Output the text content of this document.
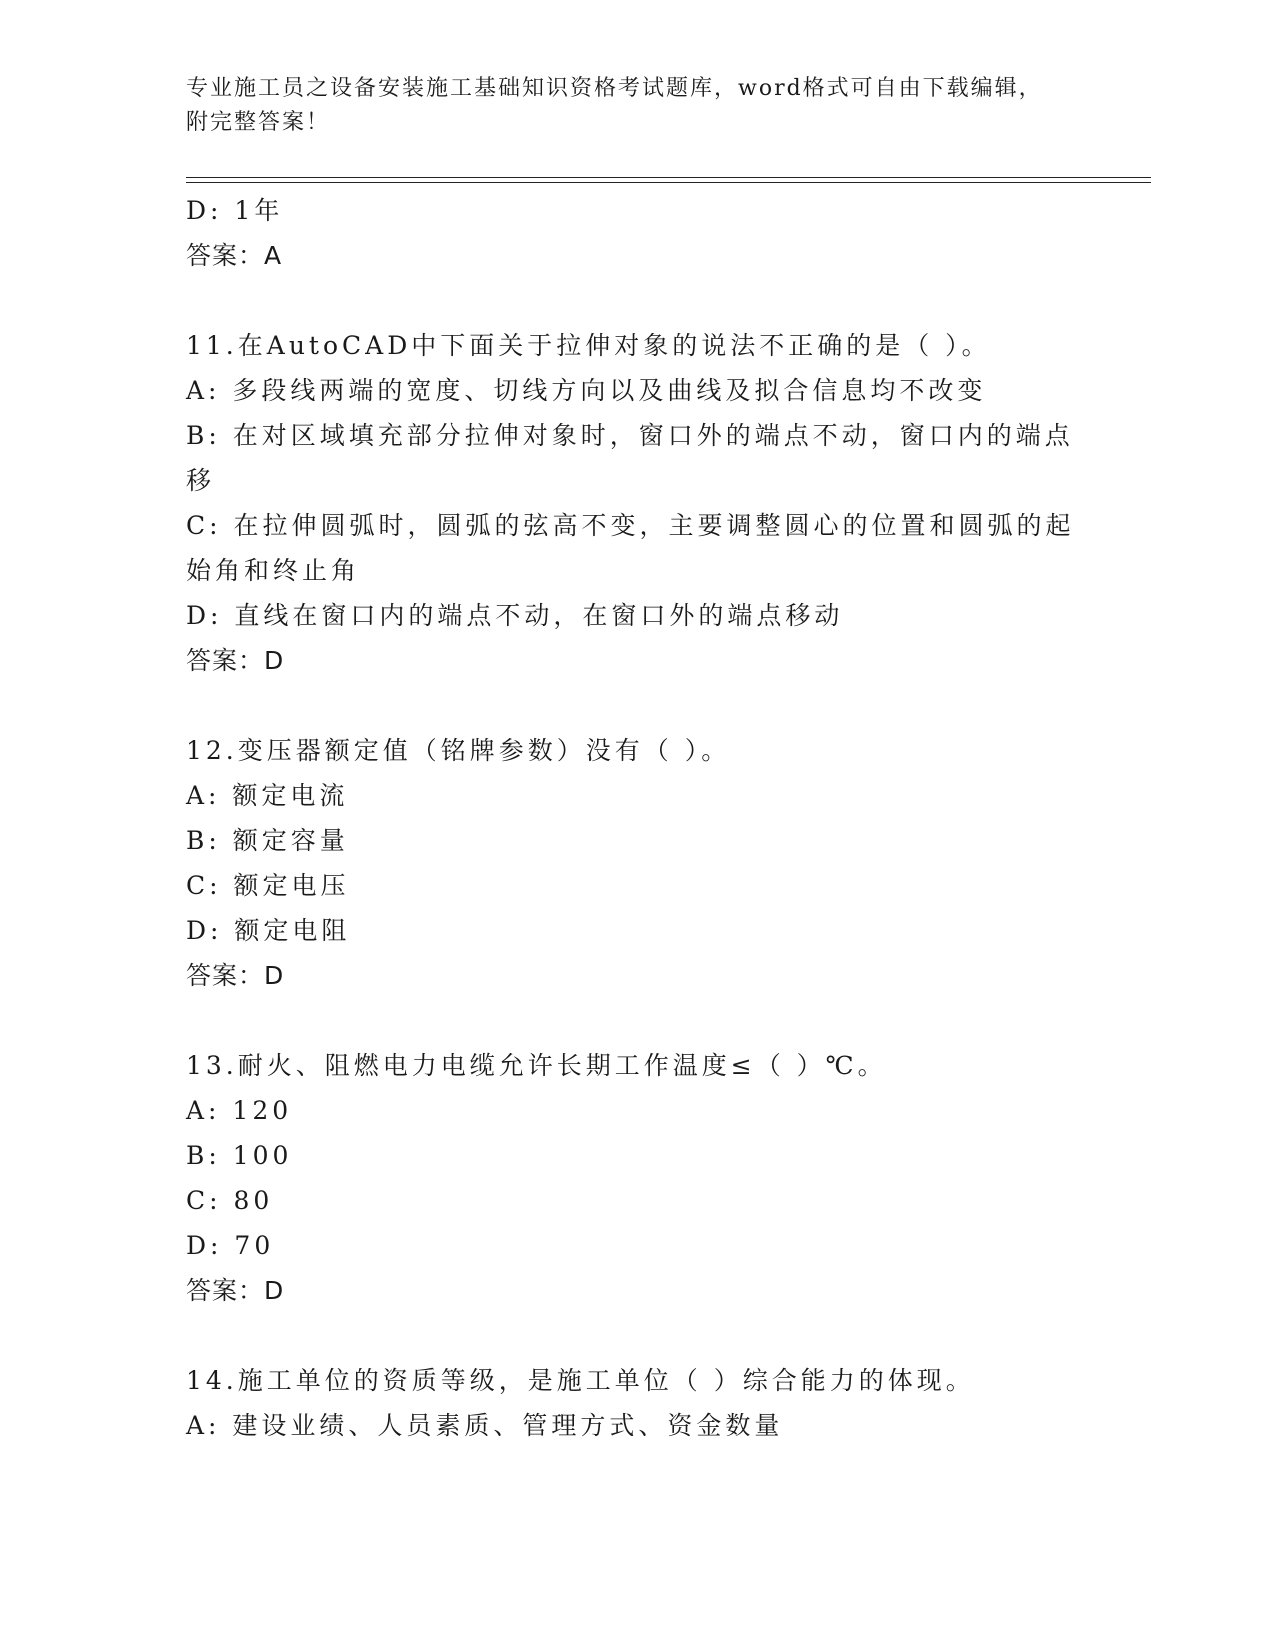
专业施工员之设备安装施工基础知识资格考试题库，word格式可自由下载编辑，
附完整答案！
D: 1年
答案：A
11.在AutoCAD中下面关于拉伸对象的说法不正确的是（ ）。
A: 多段线两端的宽度、切线方向以及曲线及拟合信息均不改变
B: 在对区域填充部分拉伸对象时，窗口外的端点不动，窗口内的端点
移
C: 在拉伸圆弧时，圆弧的弦高不变，主要调整圆心的位置和圆弧的起
始角和终止角
D: 直线在窗口内的端点不动，在窗口外的端点移动
答案：D
12.变压器额定值（铭牌参数）没有（ ）。
A: 额定电流
B: 额定容量
C: 额定电压
D: 额定电阻
答案：D
13.耐火、阻燃电力电缆允许长期工作温度≤（ ）℃。
A: 120
B: 100
C: 80
D: 70
答案：D
14.施工单位的资质等级，是施工单位（ ）综合能力的体现。
A: 建设业绩、人员素质、管理方式、资金数量
